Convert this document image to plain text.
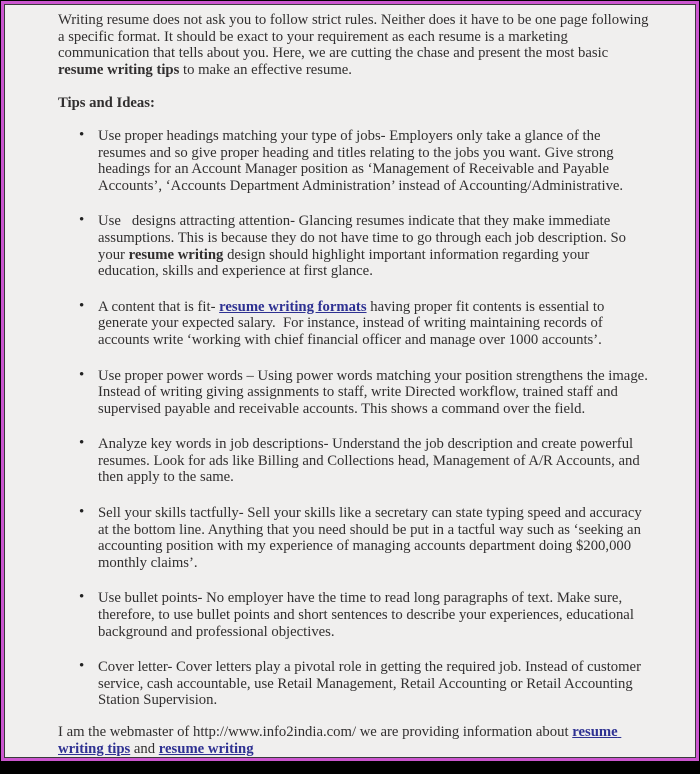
Writing resume does not ask you to follow strict rules. Neither does it have to be one page following a specific format. It should be exact to your requirement as each resume is a marketing communication that tells about you. Here, we are cutting the chase and present the most basic resume writing tips to make an effective resume.

Tips and Ideas:

• Use proper headings matching your type of jobs- Employers only take a glance of the resumes and so give proper heading and titles relating to the jobs you want. Give strong headings for an Account Manager position as ‘Management of Receivable and Payable Accounts’, ‘Accounts Department Administration’ instead of Accounting/Administrative.
• Use   designs attracting attention- Glancing resumes indicate that they make immediate assumptions. This is because they do not have time to go through each job description. So your resume writing design should highlight important information regarding your education, skills and experience at first glance.
• A content that is fit- resume writing formats having proper fit contents is essential to generate your expected salary.  For instance, instead of writing maintaining records of accounts write ‘working with chief financial officer and manage over 1000 accounts’.
• Use proper power words – Using power words matching your position strengthens the image. Instead of writing giving assignments to staff, write Directed workflow, trained staff and supervised payable and receivable accounts. This shows a command over the field.
• Analyze key words in job descriptions- Understand the job description and create powerful resumes. Look for ads like Billing and Collections head, Management of A/R Accounts, and then apply to the same.
• Sell your skills tactfully- Sell your skills like a secretary can state typing speed and accuracy at the bottom line. Anything that you need should be put in a tactful way such as ‘seeking an accounting position with my experience of managing accounts department doing $200,000 monthly claims’.
• Use bullet points- No employer have the time to read long paragraphs of text. Make sure, therefore, to use bullet points and short sentences to describe your experiences, educational background and professional objectives.
• Cover letter- Cover letters play a pivotal role in getting the required job. Instead of customer service, cash accountable, use Retail Management, Retail Accounting or Retail Accounting Station Supervision.

I am the webmaster of http://www.info2india.com/ we are providing information about resume writing tips and resume writing
